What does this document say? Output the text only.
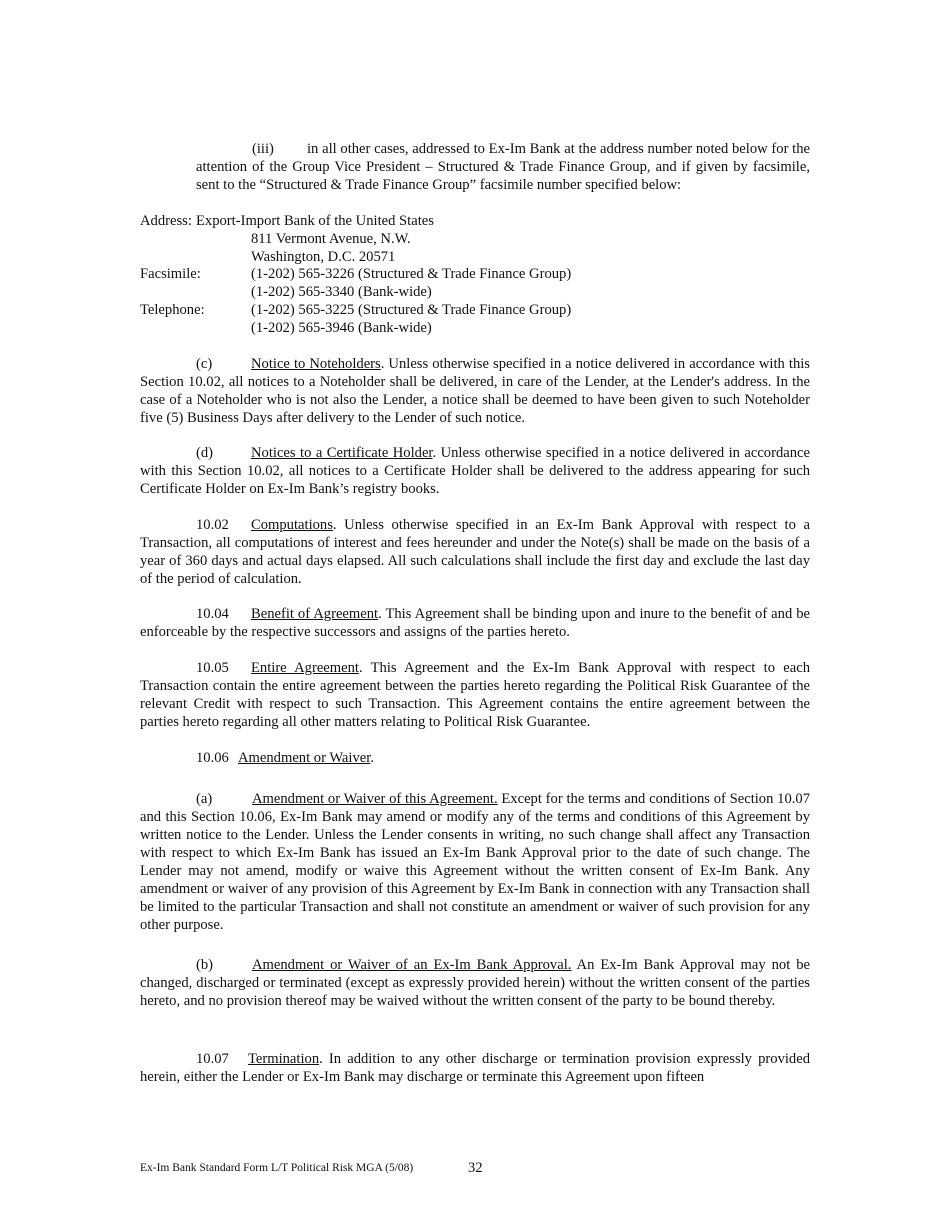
(iii) in all other cases, addressed to Ex-Im Bank at the address number noted below for the attention of the Group Vice President – Structured & Trade Finance Group, and if given by facsimile, sent to the “Structured & Trade Finance Group” facsimile number specified below:

Address: Export-Import Bank of the United States
811 Vermont Avenue, N.W.
Washington, D.C. 20571
Facsimile:	(1-202) 565-3226 (Structured & Trade Finance Group)
(1-202) 565-3340 (Bank-wide)
Telephone:	(1-202) 565-3225 (Structured & Trade Finance Group)
(1-202) 565-3946 (Bank-wide)

(c)	Notice to Noteholders. Unless otherwise specified in a notice delivered in accordance with this Section 10.02, all notices to a Noteholder shall be delivered, in care of the Lender, at the Lender's address. In the case of a Noteholder who is not also the Lender, a notice shall be deemed to have been given to such Noteholder five (5) Business Days after delivery to the Lender of such notice.

(d)	Notices to a Certificate Holder. Unless otherwise specified in a notice delivered in accordance with this Section 10.02, all notices to a Certificate Holder shall be delivered to the address appearing for such Certificate Holder on Ex-Im Bank’s registry books.

10.02 Computations. Unless otherwise specified in an Ex-Im Bank Approval with respect to a Transaction, all computations of interest and fees hereunder and under the Note(s) shall be made on the basis of a year of 360 days and actual days elapsed. All such calculations shall include the first day and exclude the last day of the period of calculation.

10.04 Benefit of Agreement. This Agreement shall be binding upon and inure to the benefit of and be enforceable by the respective successors and assigns of the parties hereto.

10.05 Entire Agreement. This Agreement and the Ex-Im Bank Approval with respect to each Transaction contain the entire agreement between the parties hereto regarding the Political Risk Guarantee of the relevant Credit with respect to such Transaction. This Agreement contains the entire agreement between the parties hereto regarding all other matters relating to Political Risk Guarantee.

10.06 Amendment or Waiver.

(a)	Amendment or Waiver of this Agreement. Except for the terms and conditions of Section 10.07 and this Section 10.06, Ex-Im Bank may amend or modify any of the terms and conditions of this Agreement by written notice to the Lender. Unless the Lender consents in writing, no such change shall affect any Transaction with respect to which Ex-Im Bank has issued an Ex-Im Bank Approval prior to the date of such change. The Lender may not amend, modify or waive this Agreement without the written consent of Ex-Im Bank. Any amendment or waiver of any provision of this Agreement by Ex-Im Bank in connection with any Transaction shall be limited to the particular Transaction and shall not constitute an amendment or waiver of such provision for any other purpose.

(b)	Amendment or Waiver of an Ex-Im Bank Approval. An Ex-Im Bank Approval may not be changed, discharged or terminated (except as expressly provided herein) without the written consent of the parties hereto, and no provision thereof may be waived without the written consent of the party to be bound thereby.

10.07 Termination. In addition to any other discharge or termination provision expressly provided herein, either the Lender or Ex-Im Bank may discharge or terminate this Agreement upon fifteen

Ex-Im Bank Standard Form L/T Political Risk MGA (5/08)	32
